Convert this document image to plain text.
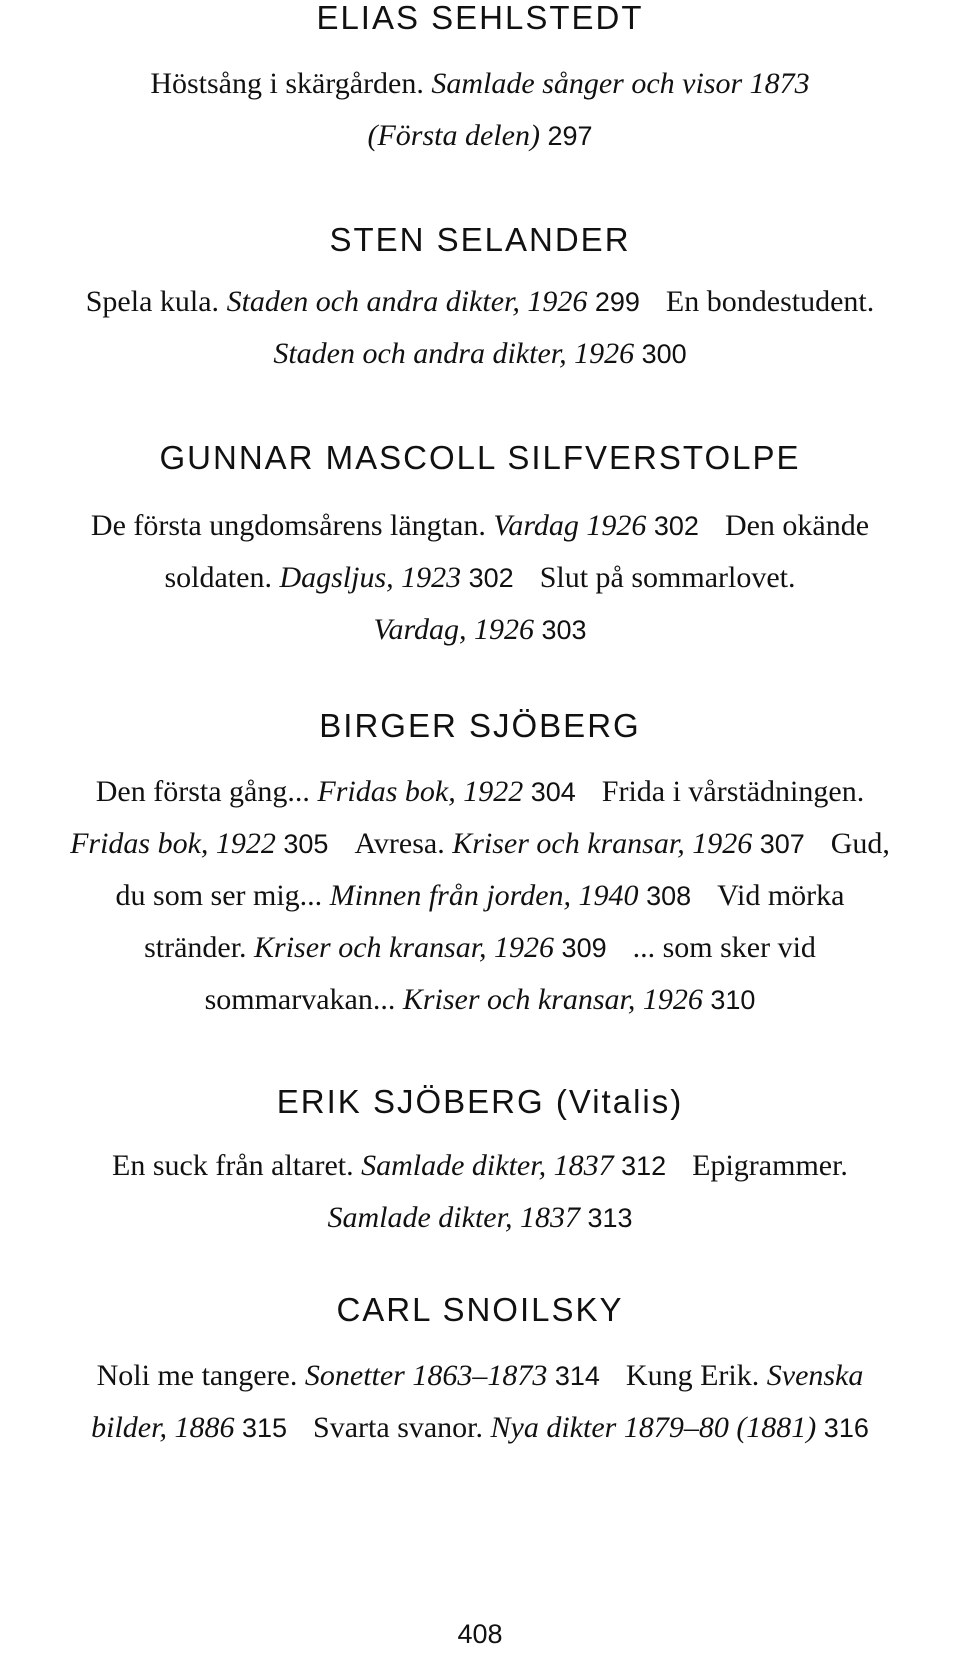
ELIAS SEHLSTEDT
Höstsång i skärgården. Samlade sånger och visor 1873
(Första delen) 297
STEN SELANDER
Spela kula. Staden och andra dikter, 1926 299 En bondestudent.
Staden och andra dikter, 1926 300
GUNNAR MASCOLL SILFVERSTOLPE
De första ungdomsårens längtan. Vardag 1926 302 Den okände
soldaten. Dagsljus, 1923 302 Slut på sommarlovet.
Vardag, 1926 303
BIRGER SJÖBERG
Den första gång... Fridas bok, 1922 304 Frida i vårstädningen.
Fridas bok, 1922 305 Avresa. Kriser och kransar, 1926 307 Gud,
du som ser mig... Minnen från jorden, 1940 308 Vid mörka
stränder. Kriser och kransar, 1926 309 ... som sker vid
sommarvakan... Kriser och kransar, 1926 310
ERIK SJÖBERG (Vitalis)
En suck från altaret. Samlade dikter, 1837 312 Epigrammer.
Samlade dikter, 1837 313
CARL SNOILSKY
Noli me tangere. Sonetter 1863–1873 314 Kung Erik. Svenska
bilder, 1886 315 Svarta svanor. Nya dikter 1879–80 (1881) 316
408
